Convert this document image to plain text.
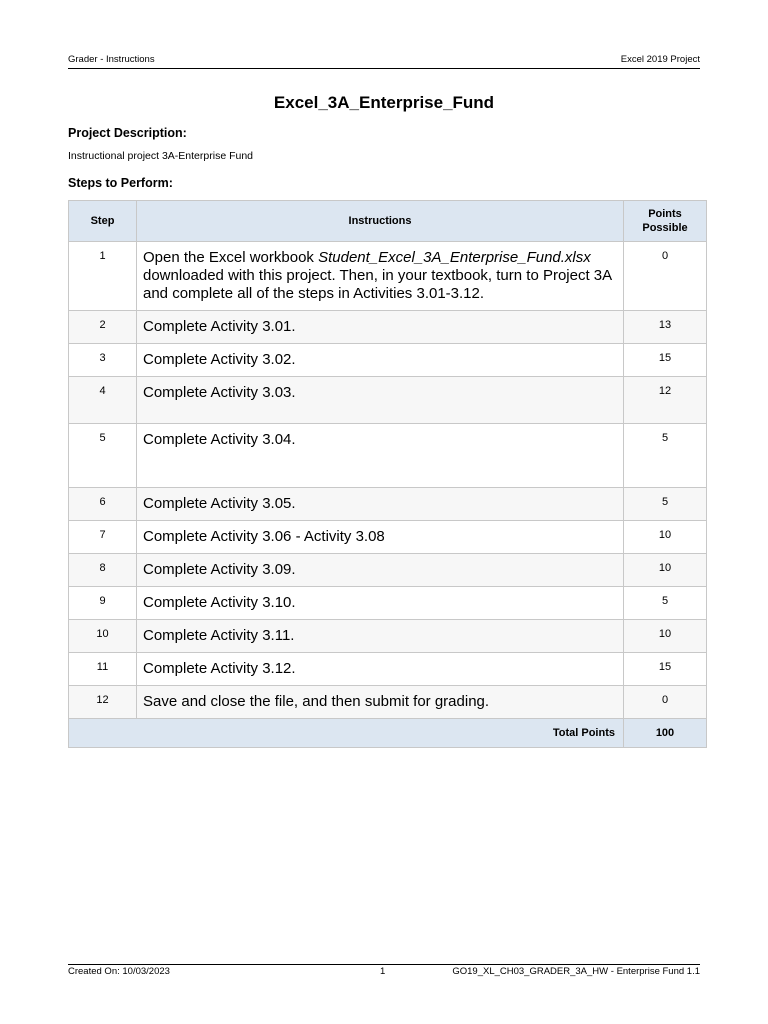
Grader - Instructions	Excel 2019 Project
Excel_3A_Enterprise_Fund
Project Description:
Instructional project 3A-Enterprise Fund
Steps to Perform:
Step	Instructions	Points
Possible
1	Open the Excel workbook Student_Excel_3A_Enterprise_Fund.xlsx downloaded with this project. Then, in your textbook, turn to Project 3A and complete all of the steps in Activities 3.01-3.12.	0
2	Complete Activity 3.01.	13
3	Complete Activity 3.02.	15
4	Complete Activity 3.03.	12
5	Complete Activity 3.04.	5
6	Complete Activity 3.05.	5
7	Complete Activity 3.06 - Activity 3.08	10
8	Complete Activity 3.09.	10
9	Complete Activity 3.10.	5
10	Complete Activity 3.11.	10
11	Complete Activity 3.12.	15
12	Save and close the file, and then submit for grading.	0
Total Points		100
Created On: 10/03/2023	1	GO19_XL_CH03_GRADER_3A_HW - Enterprise Fund 1.1
